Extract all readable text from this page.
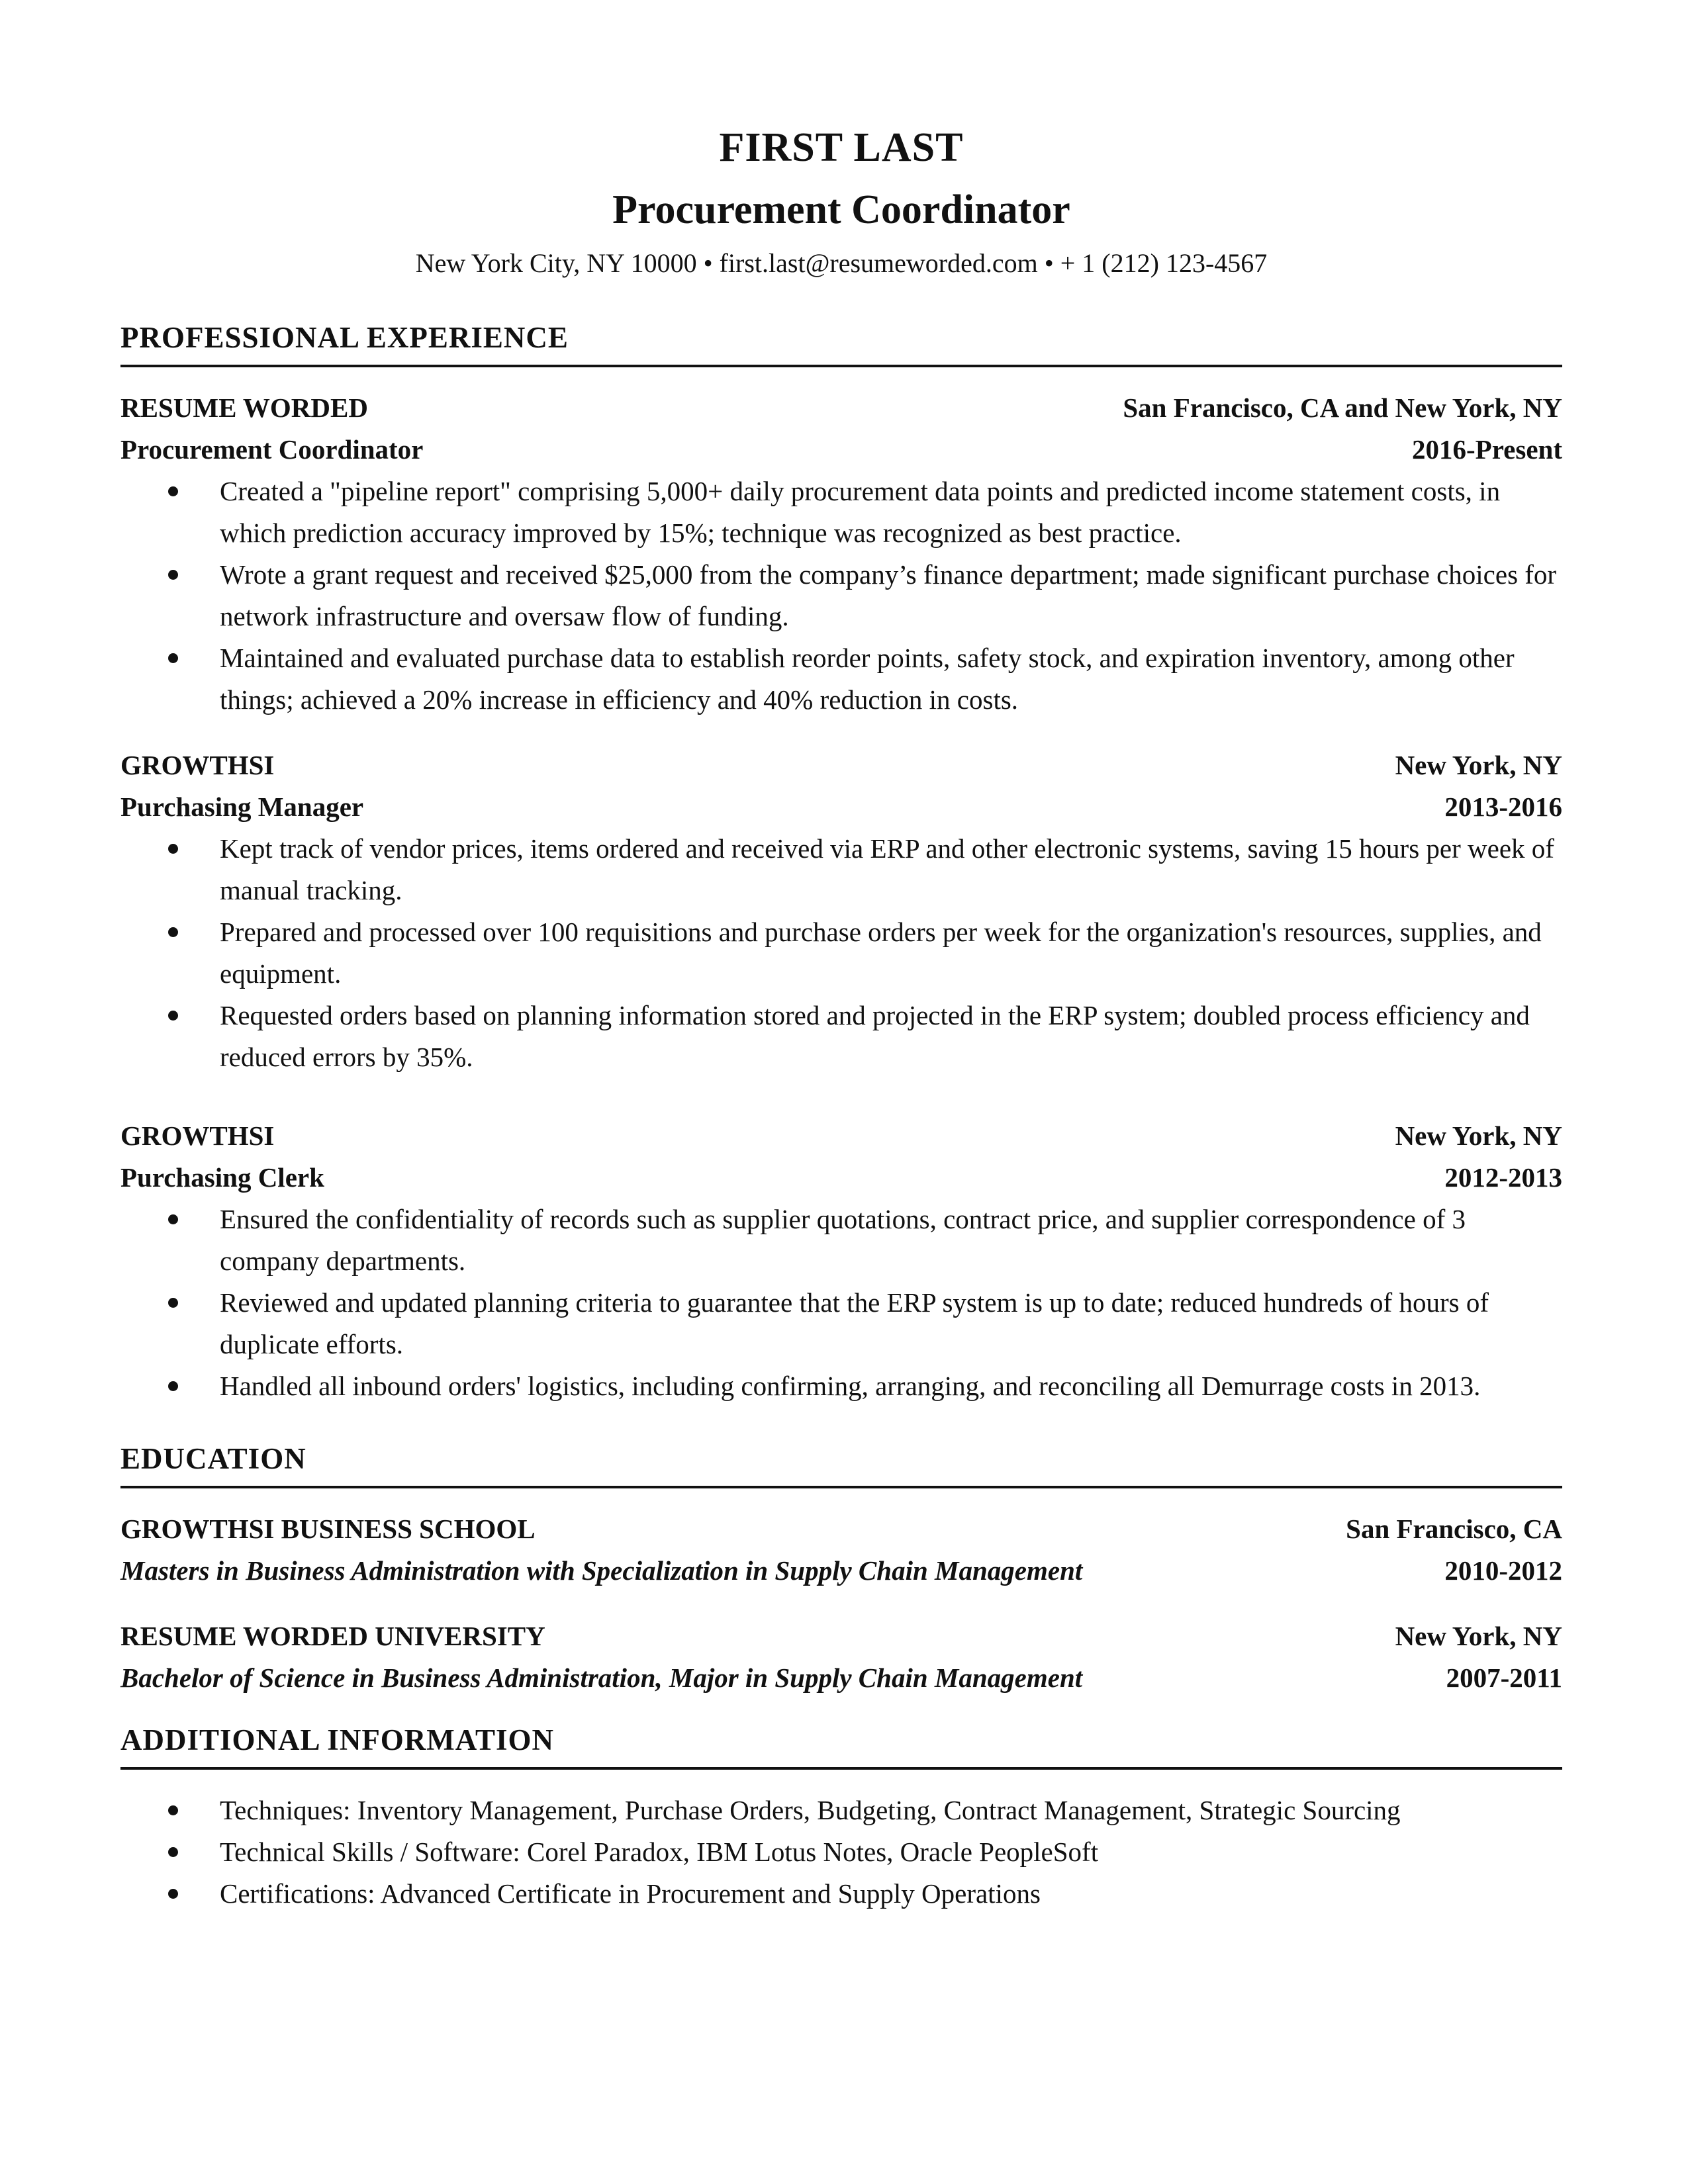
FIRST LAST
Procurement Coordinator
New York City, NY 10000 • first.last@resumeworded.com • + 1 (212) 123-4567
PROFESSIONAL EXPERIENCE
RESUME WORDED	San Francisco, CA and New York, NY
Procurement Coordinator	2016-Present
Created a "pipeline report" comprising 5,000+ daily procurement data points and predicted income statement costs, in which prediction accuracy improved by 15%; technique was recognized as best practice.
Wrote a grant request and received $25,000 from the company’s finance department; made significant purchase choices for network infrastructure and oversaw flow of funding.
Maintained and evaluated purchase data to establish reorder points, safety stock, and expiration inventory, among other things; achieved a 20% increase in efficiency and 40% reduction in costs.
GROWTHSI	New York, NY
Purchasing Manager	2013-2016
Kept track of vendor prices, items ordered and received via ERP and other electronic systems, saving 15 hours per week of manual tracking.
Prepared and processed over 100 requisitions and purchase orders per week for the organization's resources, supplies, and equipment.
Requested orders based on planning information stored and projected in the ERP system; doubled process efficiency and reduced errors by 35%.
GROWTHSI	New York, NY
Purchasing Clerk	2012-2013
Ensured the confidentiality of records such as supplier quotations, contract price, and supplier correspondence of 3 company departments.
Reviewed and updated planning criteria to guarantee that the ERP system is up to date; reduced hundreds of hours of duplicate efforts.
Handled all inbound orders' logistics, including confirming, arranging, and reconciling all Demurrage costs in 2013.
EDUCATION
GROWTHSI BUSINESS SCHOOL	San Francisco, CA
Masters in Business Administration with Specialization in Supply Chain Management	2010-2012
RESUME WORDED UNIVERSITY	New York, NY
Bachelor of Science in Business Administration, Major in Supply Chain Management	2007-2011
ADDITIONAL INFORMATION
Techniques: Inventory Management, Purchase Orders, Budgeting, Contract Management, Strategic Sourcing
Technical Skills / Software: Corel Paradox, IBM Lotus Notes, Oracle PeopleSoft
Certifications: Advanced Certificate in Procurement and Supply Operations
